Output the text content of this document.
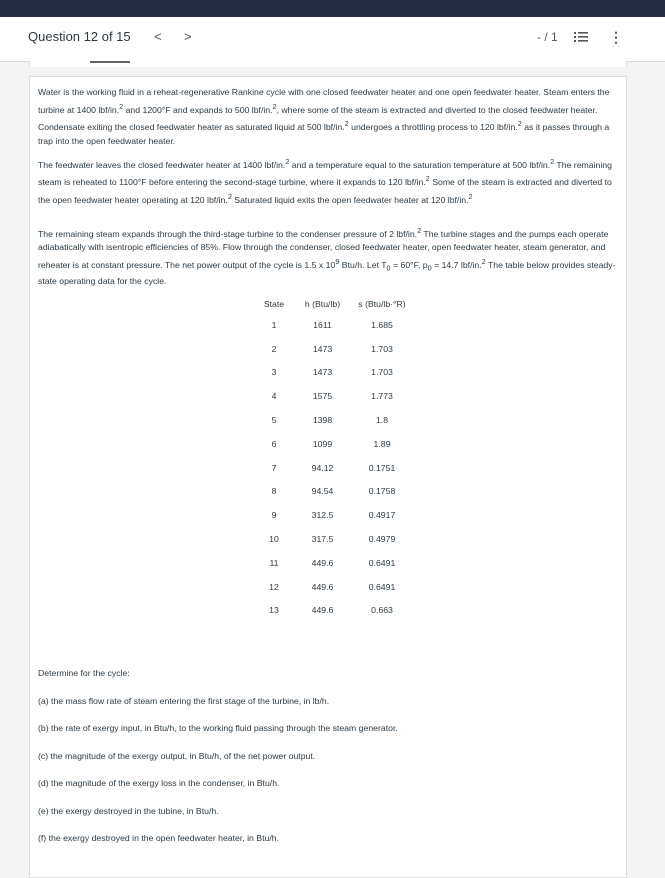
Question 12 of 15 < >	- / 1	⋮

Water is the working fluid in a reheat-regenerative Rankine cycle with one closed feedwater heater and one open feedwater heater. Steam enters the turbine at 1400 lbf/in.$^2$ and 1200°F and expands to 500 lbf/in.$^2$, where some of the steam is extracted and diverted to the closed feedwater heater. Condensate exiting the closed feedwater heater as saturated liquid at 500 lbf/in.$^2$ undergoes a throttling process to 120 lbf/in.$^2$ as it passes through a trap into the open feedwater heater.

The feedwater leaves the closed feedwater heater at 1400 lbf/in.$^2$ and a temperature equal to the saturation temperature at 500 lbf/in.$^2$ The remaining steam is reheated to 1100°F before entering the second-stage turbine, where it expands to 120 lbf/in.$^2$ Some of the steam is extracted and diverted to the open feedwater heater operating at 120 lbf/in.$^2$ Saturated liquid exits the open feedwater heater at 120 lbf/in.$^2$

The remaining steam expands through the third-stage turbine to the condenser pressure of 2 lbf/in.$^2$ The turbine stages and the pumps each operate adiabatically with isentropic efficiencies of 85%. Flow through the condenser, closed feedwater heater, open feedwater heater, steam generator, and reheater is at constant pressure. The net power output of the cycle is 1.5 x $10^9$ Btu/h. Let $T_0 = 60^\circ F$, $p_0 = 14.7$ lbf/in.$^2$ The table below provides steady-state operating data for the cycle.

State	h (Btu/lb)	s (Btu/lb·°R)
1	1611	1.685
2	1473	1.703
3	1473	1.703
4	1575	1.773
5	1398	1.8
6	1099	1.89
7	94.12	0.1751
8	94.54	0.1758
9	312.5	0.4917
10	317.5	0.4979
11	449.6	0.6491
12	449.6	0.6491
13	449.6	0.663

Determine for the cycle:

(a) the mass flow rate of steam entering the first stage of the turbine, in lb/h.

(b) the rate of exergy input, in Btu/h, to the working fluid passing through the steam generator.

(c) the magnitude of the exergy output, in Btu/h, of the net power output.

(d) the magnitude of the exergy loss in the condenser, in Btu/h.

(e) the exergy destroyed in the tubine, in Btu/h.

(f) the exergy destroyed in the open feedwater heater, in Btu/h.
